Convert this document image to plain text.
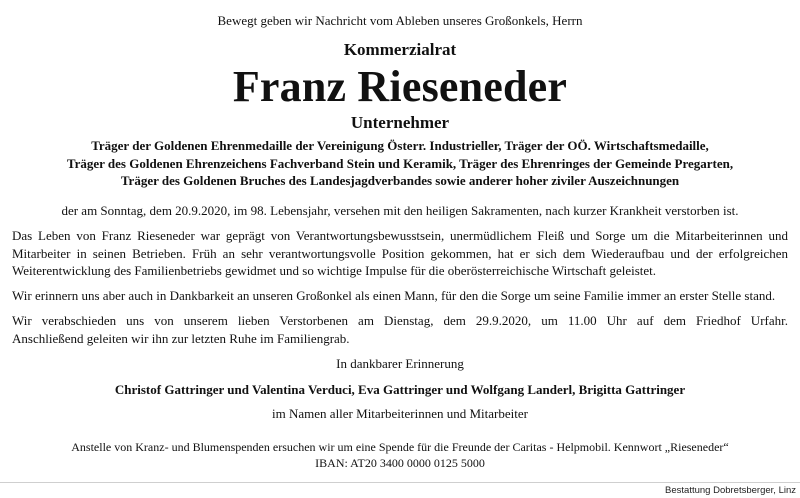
Bewegt geben wir Nachricht vom Ableben unseres Großonkels, Herrn
Kommerzialrat
Franz Rieseneder
Unternehmer
Träger der Goldenen Ehrenmedaille der Vereinigung Österr. Industrieller, Träger der OÖ. Wirtschaftsmedaille,
Träger des Goldenen Ehrenzeichens Fachverband Stein und Keramik, Träger des Ehrenringes der Gemeinde Pregarten,
Träger des Goldenen Bruches des Landesjagdverbandes sowie anderer hoher ziviler Auszeichnungen
der am Sonntag, dem 20.9.2020, im 98. Lebensjahr, versehen mit den heiligen Sakramenten, nach kurzer Krankheit verstorben ist.
Das Leben von Franz Rieseneder war geprägt von Verantwortungsbewusstsein, unermüdlichem Fleiß und Sorge um die Mitarbeiterinnen und Mitarbeiter in seinen Betrieben. Früh an sehr verantwortungsvolle Position gekommen, hat er sich dem Wiederaufbau und der erfolgreichen Weiterentwicklung des Familienbetriebs gewidmet und so wichtige Impulse für die oberösterreichische Wirtschaft geleistet.
Wir erinnern uns aber auch in Dankbarkeit an unseren Großonkel als einen Mann, für den die Sorge um seine Familie immer an erster Stelle stand.
Wir verabschieden uns von unserem lieben Verstorbenen am Dienstag, dem 29.9.2020, um 11.00 Uhr auf dem Friedhof Urfahr.
Anschließend geleiten wir ihn zur letzten Ruhe im Familiengrab.
In dankbarer Erinnerung
Christof Gattringer und Valentina Verduci, Eva Gattringer und Wolfgang Landerl, Brigitta Gattringer
im Namen aller Mitarbeiterinnen und Mitarbeiter
Anstelle von Kranz- und Blumenspenden ersuchen wir um eine Spende für die Freunde der Caritas - Helpmobil. Kennwort „Rieseneder“
IBAN: AT20 3400 0000 0125 5000
Bestattung Dobretsberger, Linz
